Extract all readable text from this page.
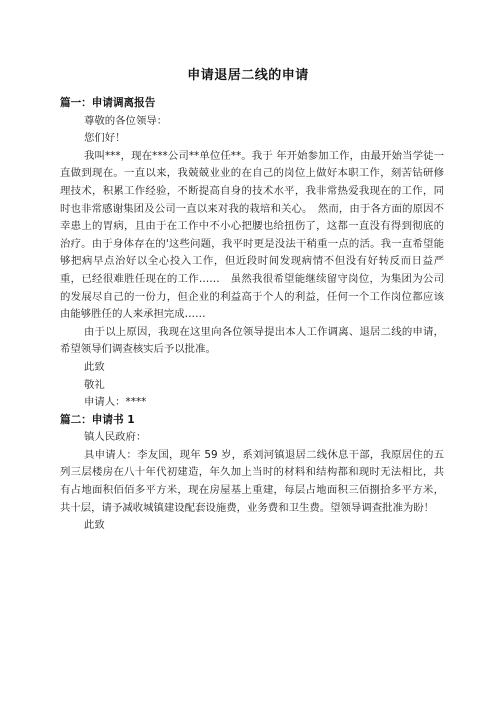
申请退居二线的申请

篇一：申请调离报告

尊敬的各位领导：

您们好！

我叫***，现在***公司**单位任**。我于 年开始参加工作，由最开始当学徒一直做到现在。一直以来，我兢兢业业的在自己的岗位上做好本职工作，刻苦钻研修理技术，积累工作经验，不断提高自身的技术水平，我非常热爱我现在的工作，同时也非常感谢集团及公司一直以来对我的栽培和关心。　然而，由于各方面的原因不幸患上的胃病，且由于在工作中不小心把腰也给扭伤了，这都一直没有得到彻底的治疗。由于身体存在的'这些问题，我平时更是没法干稍重一点的活。我一直希望能够把病早点治好以全心投入工作，但近段时间发现病情不但没有好转反而日益严重，已经很难胜任现在的工作……　虽然我很希望能继续留守岗位，为集团为公司的发展尽自己的一份力，但企业的利益高于个人的利益，任何一个工作岗位都应该由能够胜任的人来承担完成……

由于以上原因，我现在这里向各位领导提出本人工作调离、退居二线的申请，希望领导们调查核实后予以批准。

此致

敬礼

申请人：****

篇二：申请书 1

镇人民政府：

具申请人：李友国，现年 59 岁，系刘河镇退居二线休息干部，我原居住的五列三层楼房在八十年代初建造，年久加上当时的材料和结构都和现时无法相比，共有占地面积佰佰多平方米，现在房屋基上重建，每层占地面积三佰捌拾多平方米，共十层，请予减收城镇建设配套设施费，业务费和卫生费。望领导调查批准为盼！

此致
